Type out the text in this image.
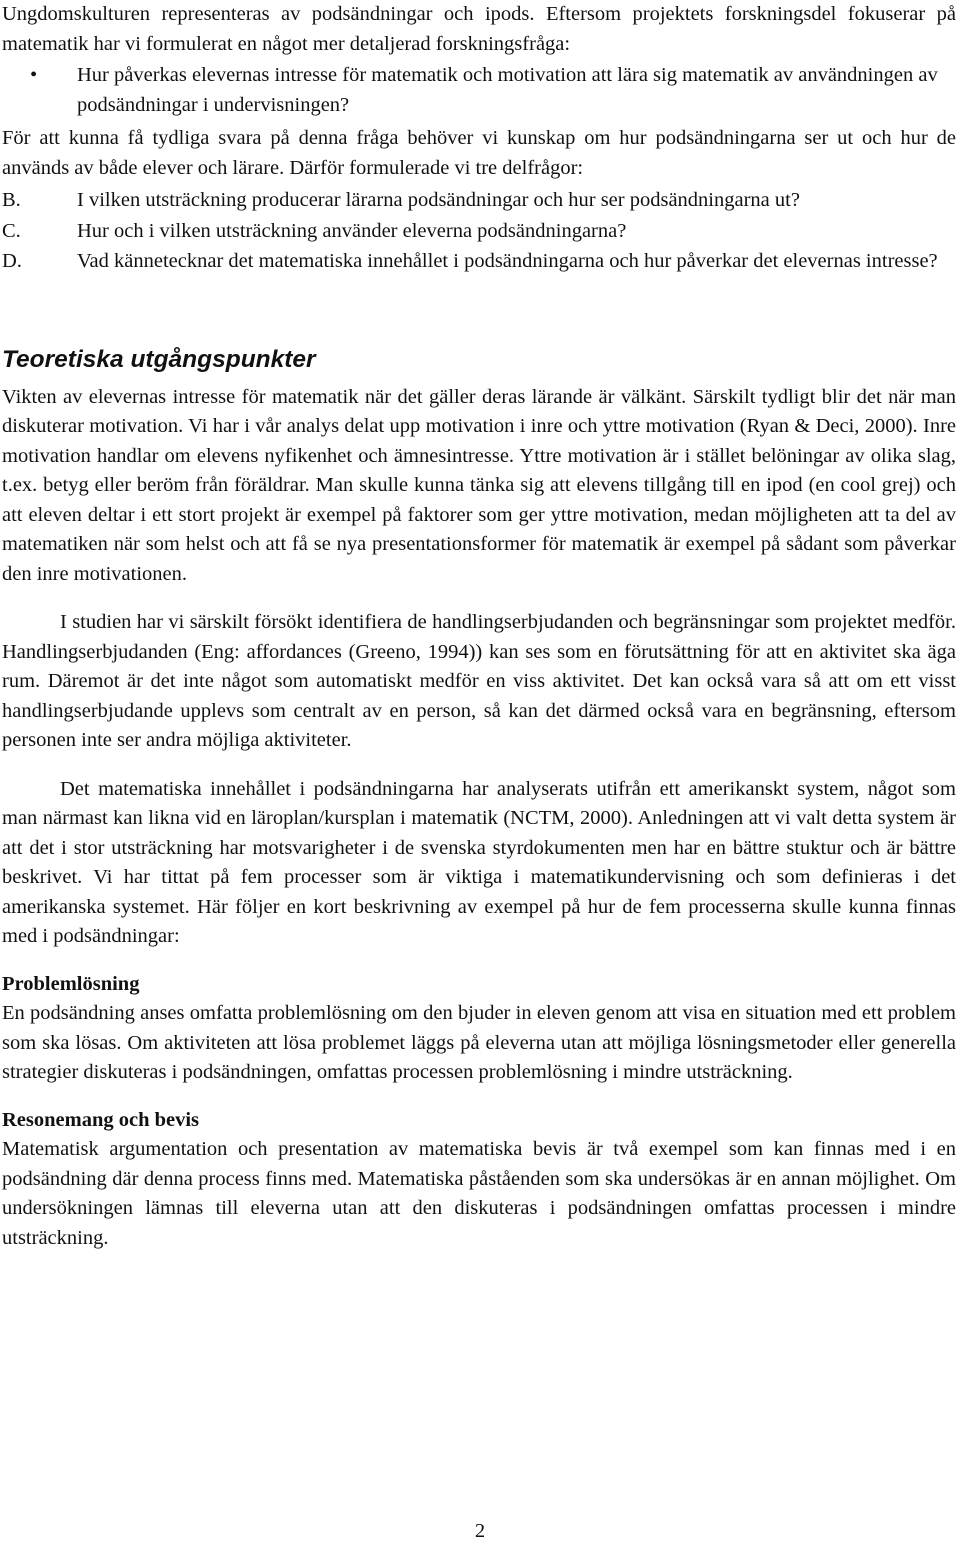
Ungdomskulturen representeras av podsändningar och ipods. Eftersom projektets forskningsdel fokuserar på matematik har vi formulerat en något mer detaljerad forskningsfråga:

• Hur påverkas elevernas intresse för matematik och motivation att lära sig matematik av användningen av podsändningar i undervisningen?

För att kunna få tydliga svara på denna fråga behöver vi kunskap om hur podsändningarna ser ut och hur de används av både elever och lärare. Därför formulerade vi tre delfrågor:

B.	I vilken utsträckning producerar lärarna podsändningar och hur ser podsändningarna ut?
C.	Hur och i vilken utsträckning använder eleverna podsändningarna?
D.	Vad kännetecknar det matematiska innehållet i podsändningarna och hur påverkar det elevernas intresse?
Teoretiska utgångspunkter

Vikten av elevernas intresse för matematik när det gäller deras lärande är välkänt. Särskilt tydligt blir det när man diskuterar motivation. Vi har i vår analys delat upp motivation i inre och yttre motivation (Ryan & Deci, 2000). Inre motivation handlar om elevens nyfikenhet och ämnesintresse. Yttre motivation är i stället belöningar av olika slag, t.ex. betyg eller beröm från föräldrar. Man skulle kunna tänka sig att elevens tillgång till en ipod (en cool grej) och att eleven deltar i ett stort projekt är exempel på faktorer som ger yttre motivation, medan möjligheten att ta del av matematiken när som helst och att få se nya presentationsformer för matematik är exempel på sådant som påverkar den inre motivationen.

I studien har vi särskilt försökt identifiera de handlingserbjudanden och begränsningar som projektet medför. Handlingserbjudanden (Eng: affordances (Greeno, 1994)) kan ses som en förutsättning för att en aktivitet ska äga rum. Däremot är det inte något som automatiskt medför en viss aktivitet. Det kan också vara så att om ett visst handlingserbjudande upplevs som centralt av en person, så kan det därmed också vara en begränsning, eftersom personen inte ser andra möjliga aktiviteter.

Det matematiska innehållet i podsändningarna har analyserats utifrån ett amerikanskt system, något som man närmast kan likna vid en läroplan/kursplan i matematik (NCTM, 2000). Anledningen att vi valt detta system är att det i stor utsträckning har motsvarigheter i de svenska styrdokumenten men har en bättre stuktur och är bättre beskrivet. Vi har tittat på fem processer som är viktiga i matematikundervisning och som definieras i det amerikanska systemet. Här följer en kort beskrivning av exempel på hur de fem processerna skulle kunna finnas med i podsändningar:

Problemlösning

En podsändning anses omfatta problemlösning om den bjuder in eleven genom att visa en situation med ett problem som ska lösas. Om aktiviteten att lösa problemet läggs på eleverna utan att möjliga lösningsmetoder eller generella strategier diskuteras i podsändningen, omfattas processen problemlösning i mindre utsträckning.

Resonemang och bevis

Matematisk argumentation och presentation av matematiska bevis är två exempel som kan finnas med i en podsändning där denna process finns med. Matematiska påståenden som ska undersökas är en annan möjlighet. Om undersökningen lämnas till eleverna utan att den diskuteras i podsändningen omfattas processen i mindre utsträckning.

2
